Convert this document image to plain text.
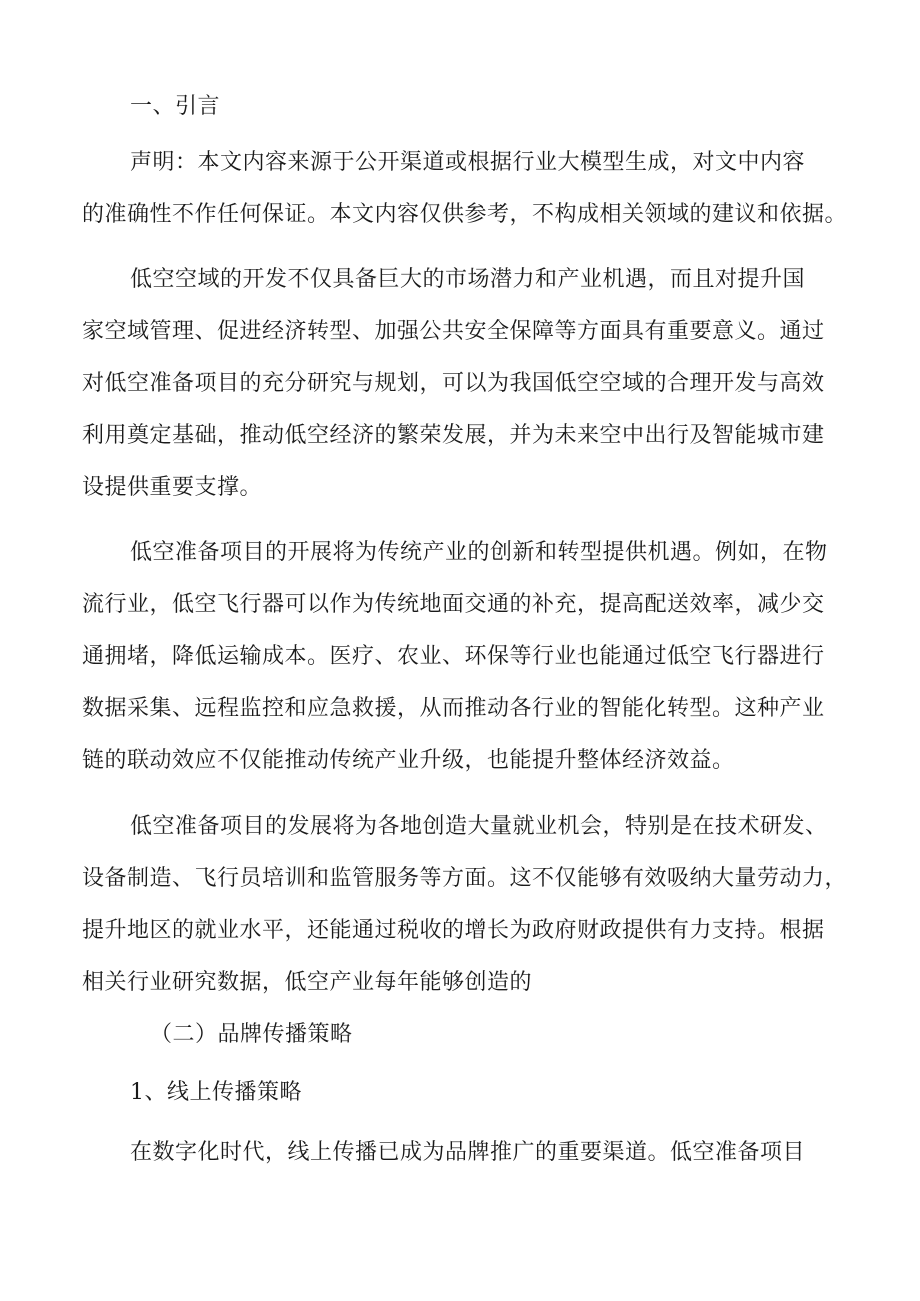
一、引言
声明：本文内容来源于公开渠道或根据行业大模型生成，对文中内容
的准确性不作任何保证。本文内容仅供参考，不构成相关领域的建议和依据。
低空空域的开发不仅具备巨大的市场潜力和产业机遇，而且对提升国
家空域管理、促进经济转型、加强公共安全保障等方面具有重要意义。通过
对低空准备项目的充分研究与规划，可以为我国低空空域的合理开发与高效
利用奠定基础，推动低空经济的繁荣发展，并为未来空中出行及智能城市建
设提供重要支撑。
低空准备项目的开展将为传统产业的创新和转型提供机遇。例如，在物
流行业，低空飞行器可以作为传统地面交通的补充，提高配送效率，减少交
通拥堵，降低运输成本。医疗、农业、环保等行业也能通过低空飞行器进行
数据采集、远程监控和应急救援，从而推动各行业的智能化转型。这种产业
链的联动效应不仅能推动传统产业升级，也能提升整体经济效益。
低空准备项目的发展将为各地创造大量就业机会，特别是在技术研发、
设备制造、飞行员培训和监管服务等方面。这不仅能够有效吸纳大量劳动力，
提升地区的就业水平，还能通过税收的增长为政府财政提供有力支持。根据
相关行业研究数据，低空产业每年能够创造的
（二）品牌传播策略
1、线上传播策略
在数字化时代，线上传播已成为品牌推广的重要渠道。低空准备项目
